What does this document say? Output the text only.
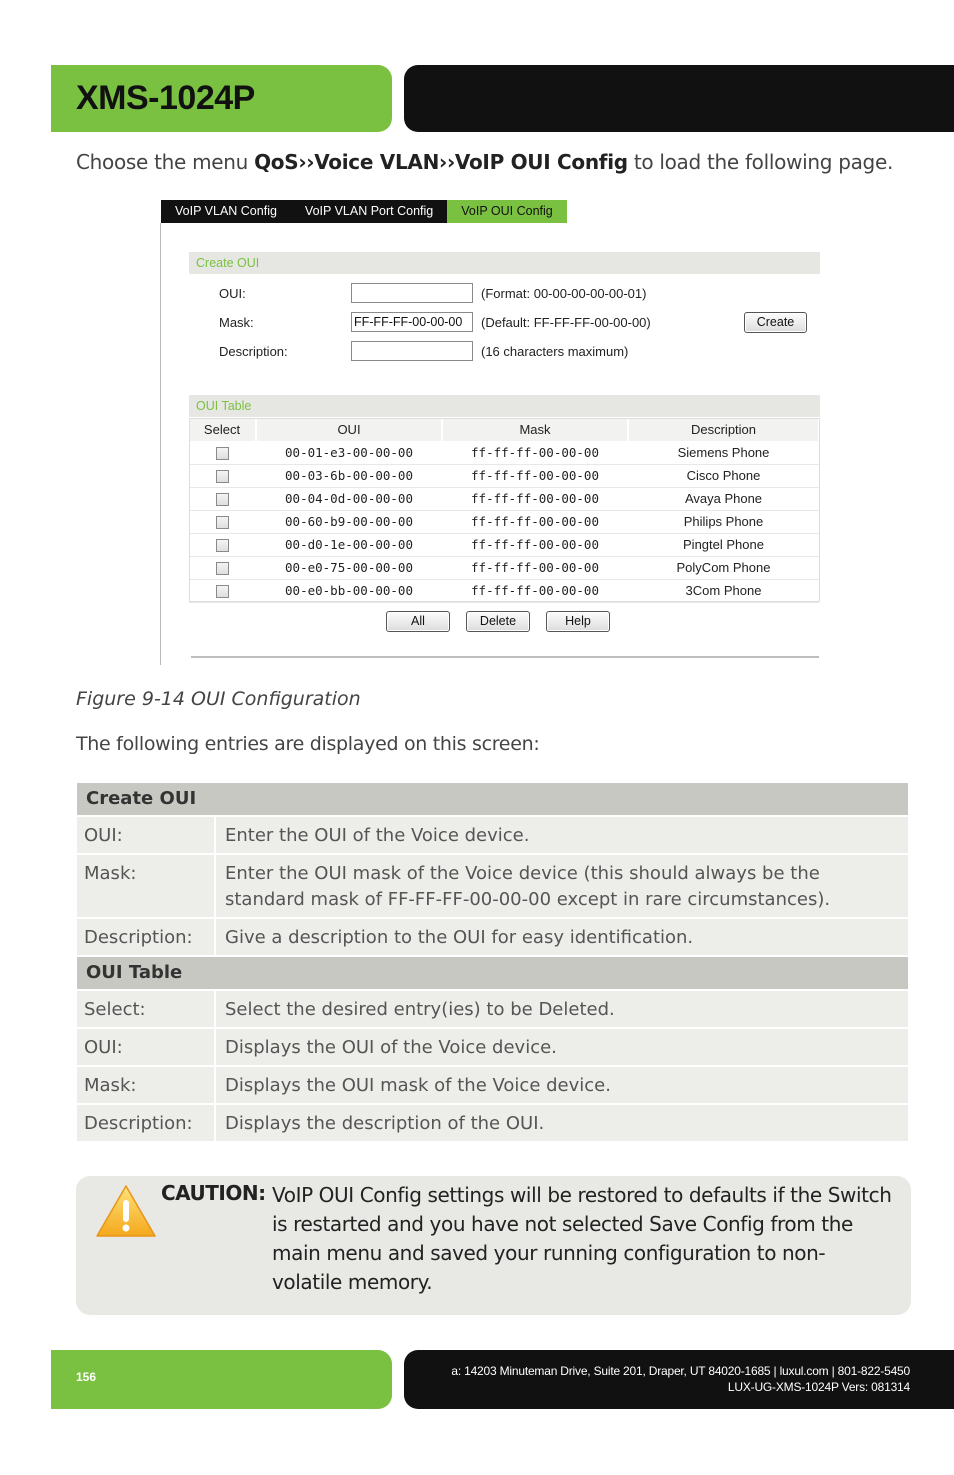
XMS-1024P
Choose the menu QoS››Voice VLAN››VoIP OUI Config to load the following page.
VoIP VLAN Config	VoIP VLAN Port Config	VoIP OUI Config
Create OUI
OUI:	(Format: 00-00-00-00-00-01)
Mask:	FF-FF-FF-00-00-00	(Default: FF-FF-FF-00-00-00)	Create
Description:	(16 characters maximum)
OUI Table
Select	OUI	Mask	Description
	00-01-e3-00-00-00	ff-ff-ff-00-00-00	Siemens Phone
	00-03-6b-00-00-00	ff-ff-ff-00-00-00	Cisco Phone
	00-04-0d-00-00-00	ff-ff-ff-00-00-00	Avaya Phone
	00-60-b9-00-00-00	ff-ff-ff-00-00-00	Philips Phone
	00-d0-1e-00-00-00	ff-ff-ff-00-00-00	Pingtel Phone
	00-e0-75-00-00-00	ff-ff-ff-00-00-00	PolyCom Phone
	00-e0-bb-00-00-00	ff-ff-ff-00-00-00	3Com Phone
All	Delete	Help
Figure 9-14 OUI Configuration
The following entries are displayed on this screen:
Create OUI	
OUI:	Enter the OUI of the Voice device.
Mask:	Enter the OUI mask of the Voice device (this should always be the standard mask of FF-FF-FF-00-00-00 except in rare circumstances).
Description:	Give a description to the OUI for easy identification.
OUI Table	
Select:	Select the desired entry(ies) to be Deleted.
OUI:	Displays the OUI of the Voice device.
Mask:	Displays the OUI mask of the Voice device.
Description:	Displays the description of the OUI.
CAUTION: VoIP OUI Config settings will be restored to defaults if the Switch is restarted and you have not selected Save Config from the main menu and saved your running configuration to non-volatile memory.
156	a: 14203 Minuteman Drive, Suite 201, Draper, UT 84020-1685 | luxul.com | 801-822-5450
LUX-UG-XMS-1024P Vers: 081314
